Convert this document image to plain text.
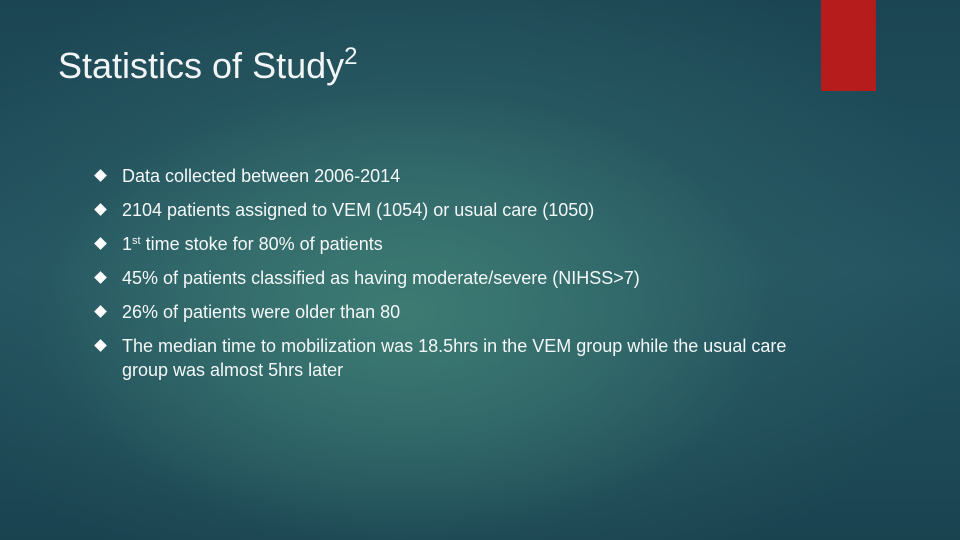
Statistics of Study$^2$
Data collected between 2006-2014
2104 patients assigned to VEM (1054) or usual care (1050)
1st time stoke for 80% of patients
45% of patients classified as having moderate/severe (NIHSS>7)
26% of patients were older than 80
The median time to mobilization was 18.5hrs in the VEM group while the usual care group was almost 5hrs later
